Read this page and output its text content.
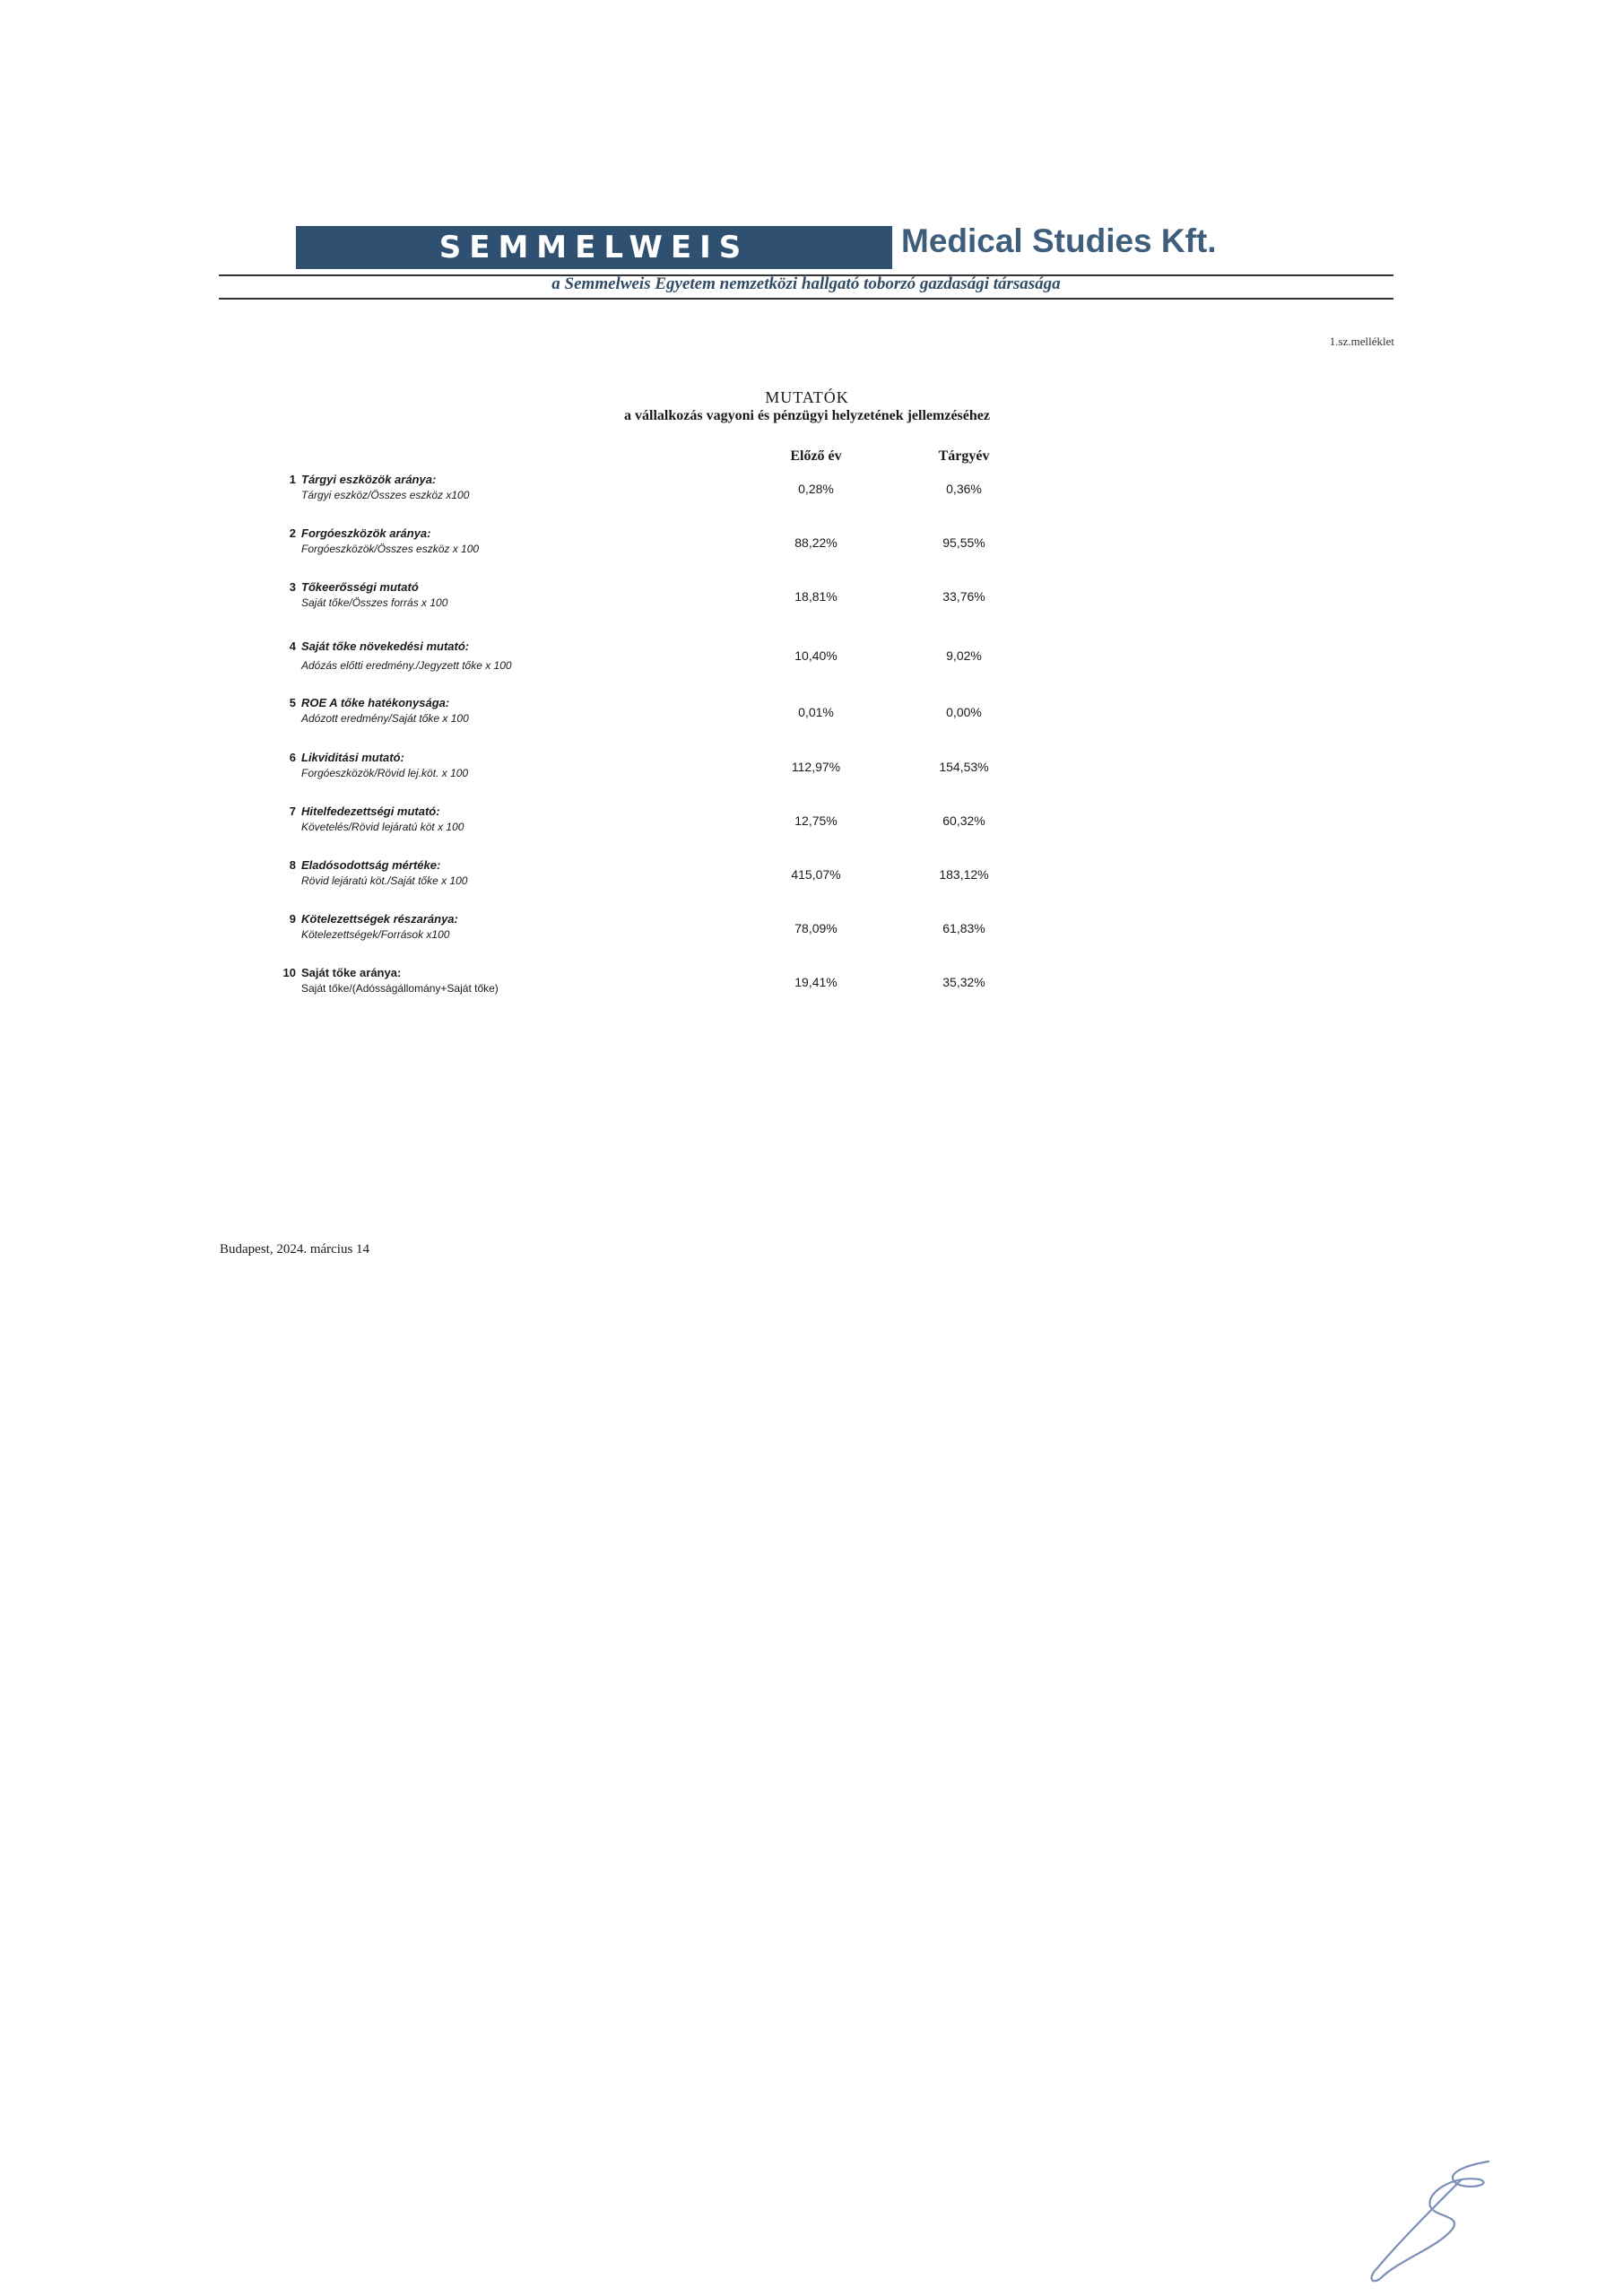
SEMMELWEIS	Medical Studies Kft.
a Semmelweis Egyetem nemzetközi hallgató toborzó gazdasági társasága
1.sz.melléklet
MUTATÓK
a vállalkozás vagyoni és pénzügyi helyzetének jellemzéséhez
Előző év	Tárgyév
1 Tárgyi eszközök aránya:
Tárgyi eszköz/Összes eszköz x100	0,28%	0,36%
2 Forgóeszközök aránya:
Forgóeszközök/Összes eszköz x 100	88,22%	95,55%
3 Tőkeerősségi mutató
Saját tőke/Összes forrás x 100	18,81%	33,76%
4 Saját tőke növekedési mutató:
Adózás előtti eredmény./Jegyzett tőke x 100
10,40%	9,02%
5 ROE A tőke hatékonysága:
Adózott eredmény/Saját tőke x 100	0,01%	0,00%
6 Likviditási mutató:
Forgóeszközök/Rövid lej.köt. x 100	112,97%	154,53%
7 Hitelfedezettségi mutató:
Követelés/Rövid lejáratú köt x 100	12,75%	60,32%
8 Eladósodottság mértéke:
Rövid lejáratú köt./Saját tőke x 100	415,07%	183,12%
9 Kötelezettségek részaránya:
Kötelezettségek/Források x100	78,09%	61,83%
10 Saját tőke aránya:
Saját tőke/(Adósságállomány+Saját tőke)	19,41%	35,32%
Budapest, 2024. március 14
